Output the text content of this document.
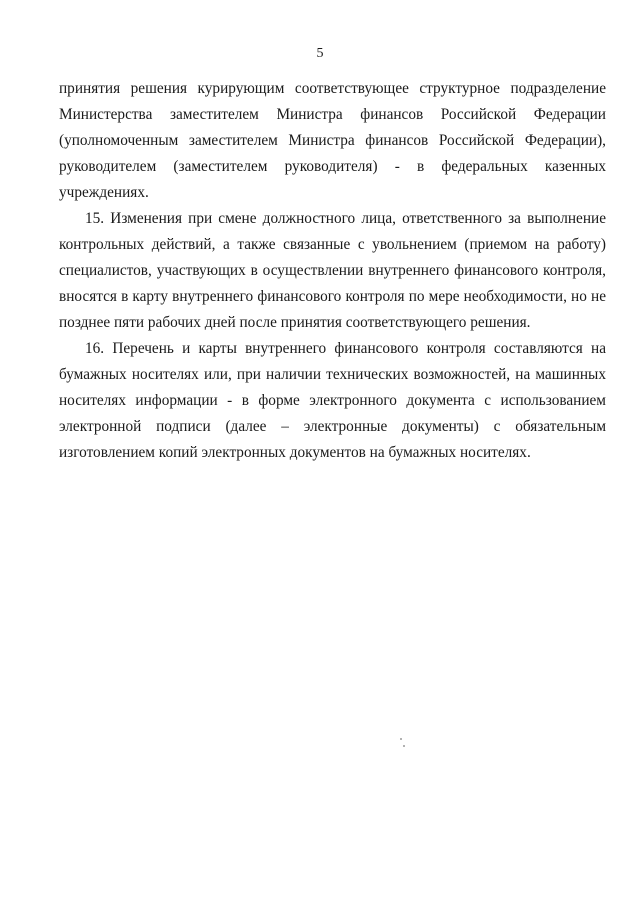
5
принятия решения курирующим соответствующее структурное подразделение
Министерства заместителем Министра финансов Российской Федерации
(уполномоченным заместителем Министра финансов Российской Федерации),
руководителем (заместителем руководителя) - в федеральных казенных
учреждениях.
15. Изменения при смене должностного лица, ответственного за выполнение
контрольных действий, а также связанные с увольнением (приемом на работу)
специалистов, участвующих в осуществлении внутреннего финансового контроля,
вносятся в карту внутреннего финансового контроля по мере необходимости, но не
позднее пяти рабочих дней после принятия соответствующего решения.
16. Перечень и карты внутреннего финансового контроля составляются на
бумажных носителях или, при наличии технических возможностей, на машинных
носителях информации - в форме электронного документа с использованием
электронной подписи (далее – электронные документы) с обязательным
изготовлением копий электронных документов на бумажных носителях.
